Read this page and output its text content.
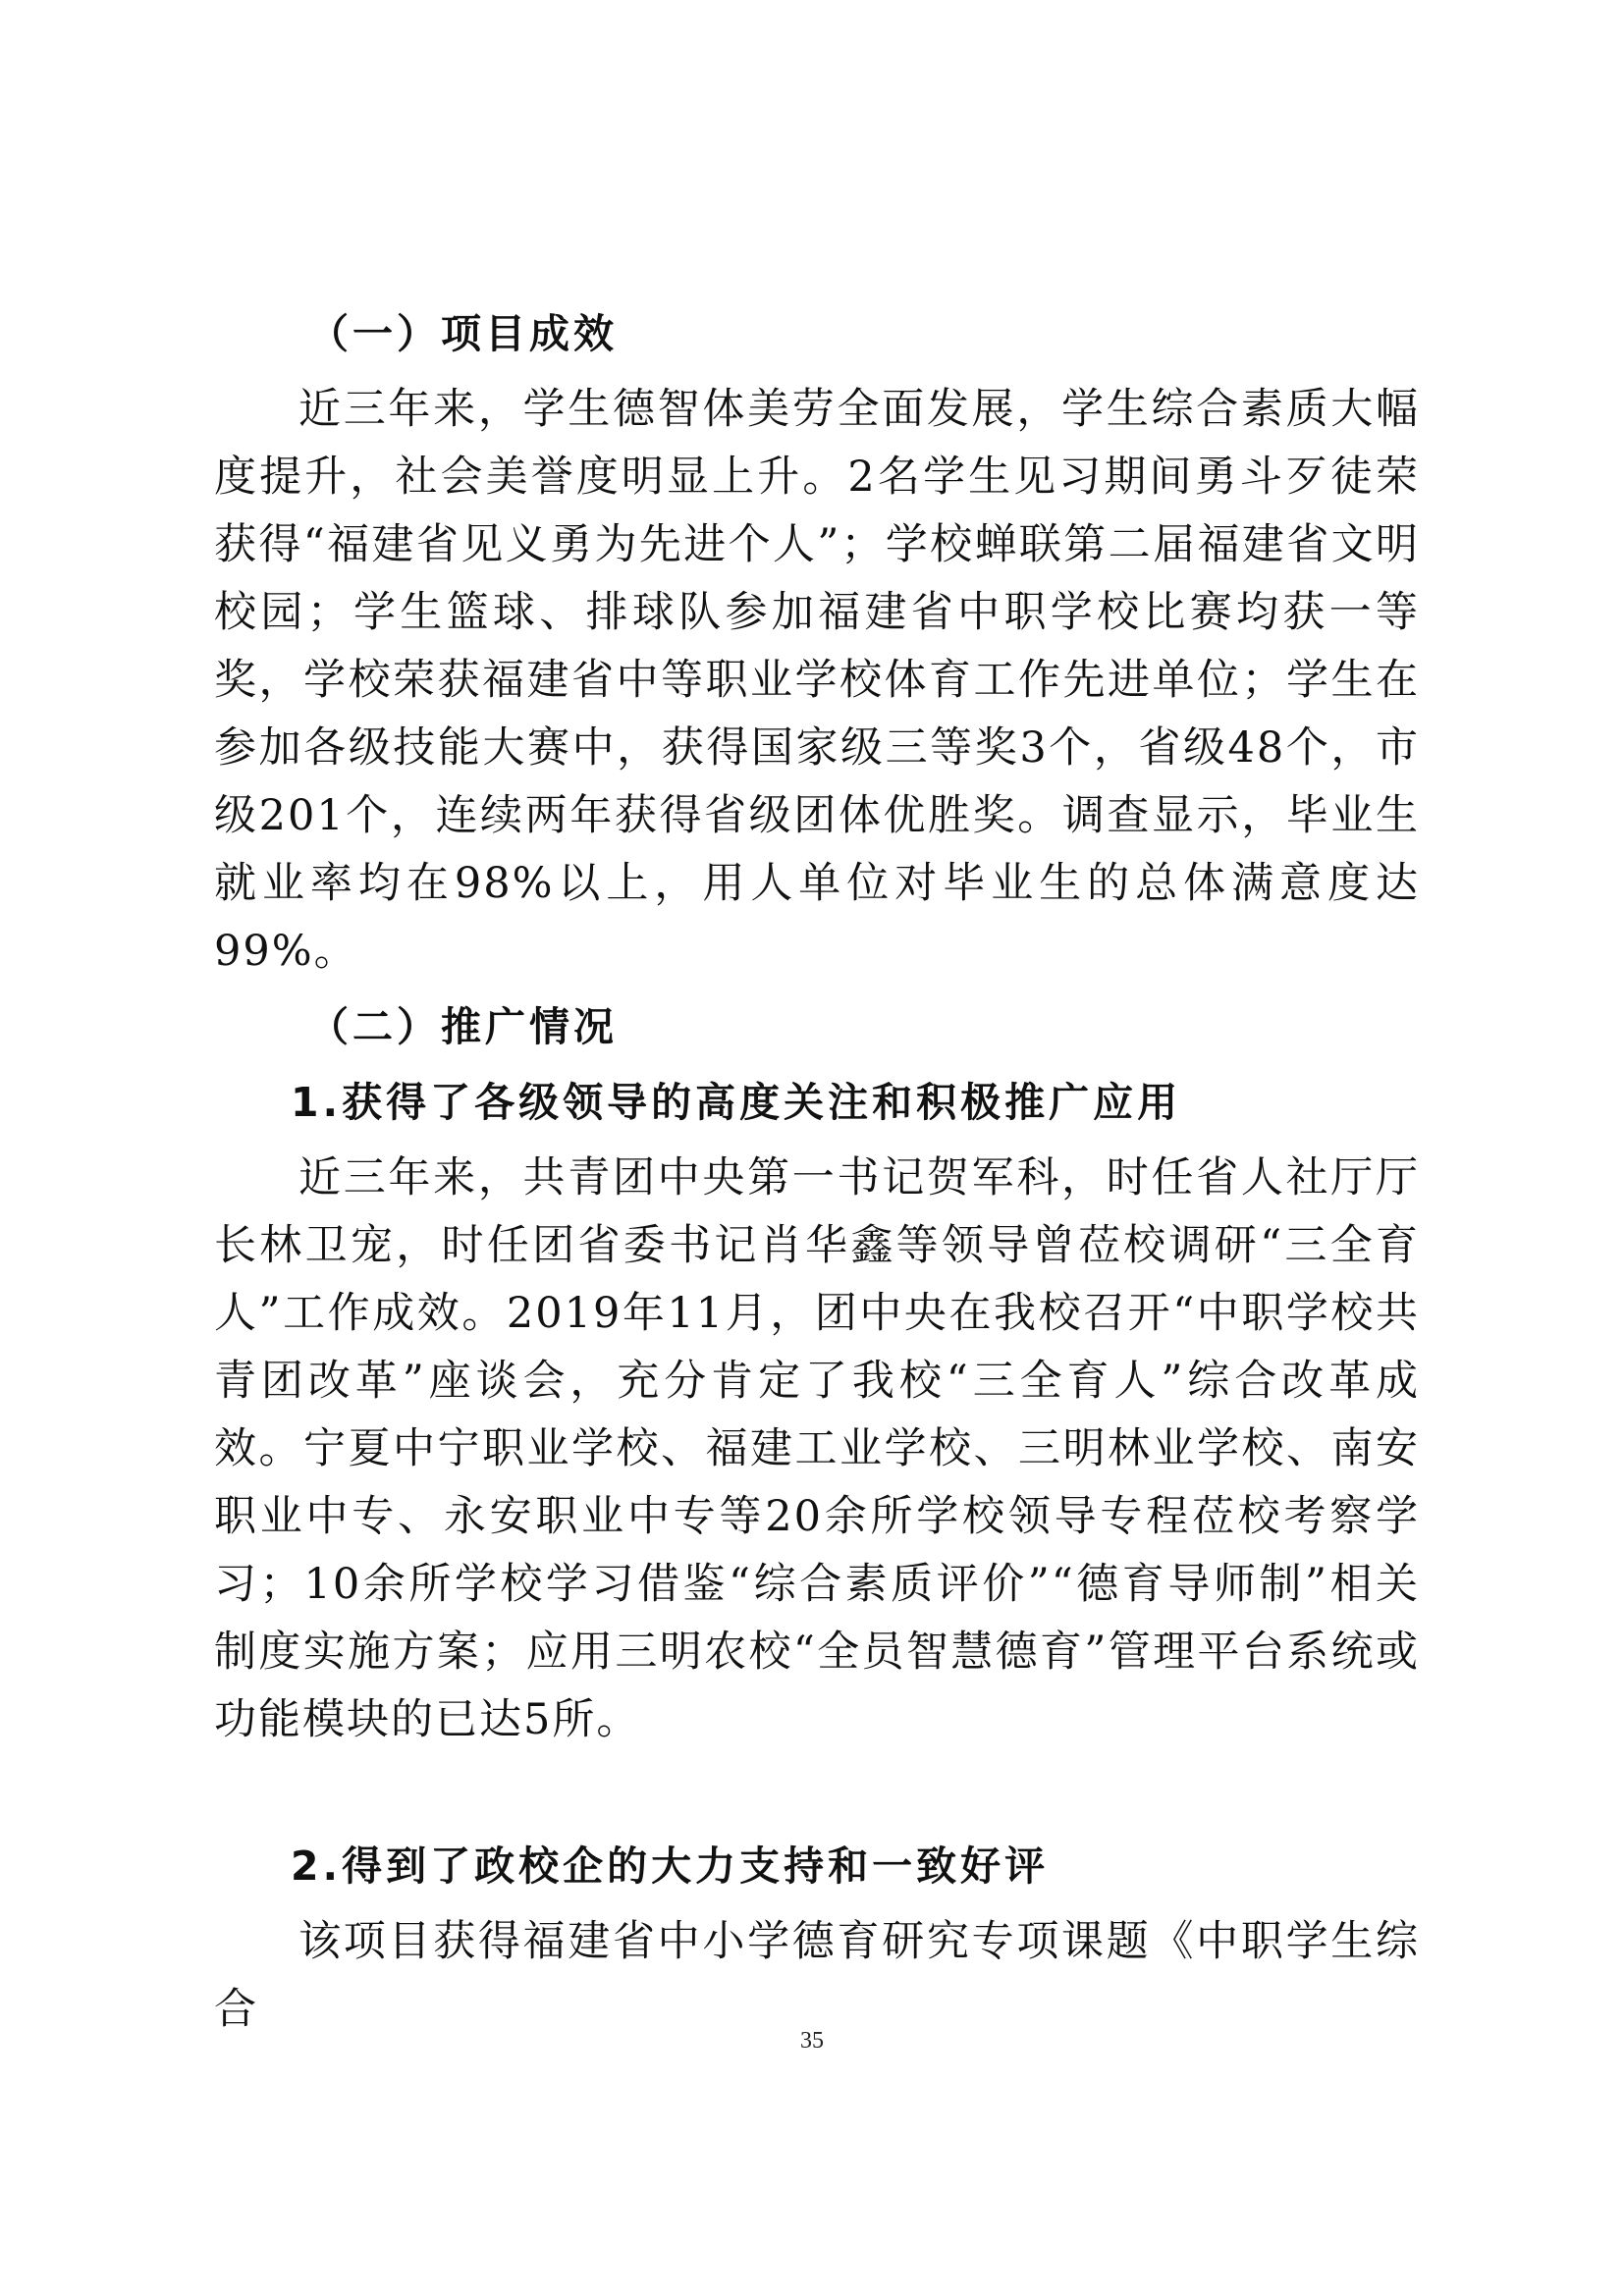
（一）项目成效
近三年来，学生德智体美劳全面发展，学生综合素质大幅度提升，社会美誉度明显上升。2名学生见习期间勇斗歹徒荣获得“福建省见义勇为先进个人”；学校蝉联第二届福建省文明校园；学生篮球、排球队参加福建省中职学校比赛均获一等奖，学校荣获福建省中等职业学校体育工作先进单位；学生在参加各级技能大赛中，获得国家级三等奖3个，省级48个，市级201个，连续两年获得省级团体优胜奖。调查显示，毕业生就业率均在98%以上，用人单位对毕业生的总体满意度达99%。
（二）推广情况
1.获得了各级领导的高度关注和积极推广应用
近三年来，共青团中央第一书记贺军科，时任省人社厅厅长林卫宠，时任团省委书记肖华鑫等领导曾莅校调研“三全育人”工作成效。2019年11月，团中央在我校召开“中职学校共青团改革”座谈会，充分肯定了我校“三全育人”综合改革成效。宁夏中宁职业学校、福建工业学校、三明林业学校、南安职业中专、永安职业中专等20余所学校领导专程莅校考察学习；10余所学校学习借鉴“综合素质评价”“德育导师制”相关制度实施方案；应用三明农校“全员智慧德育”管理平台系统或功能模块的已达5所。
2.得到了政校企的大力支持和一致好评
该项目获得福建省中小学德育研究专项课题《中职学生综合
35
